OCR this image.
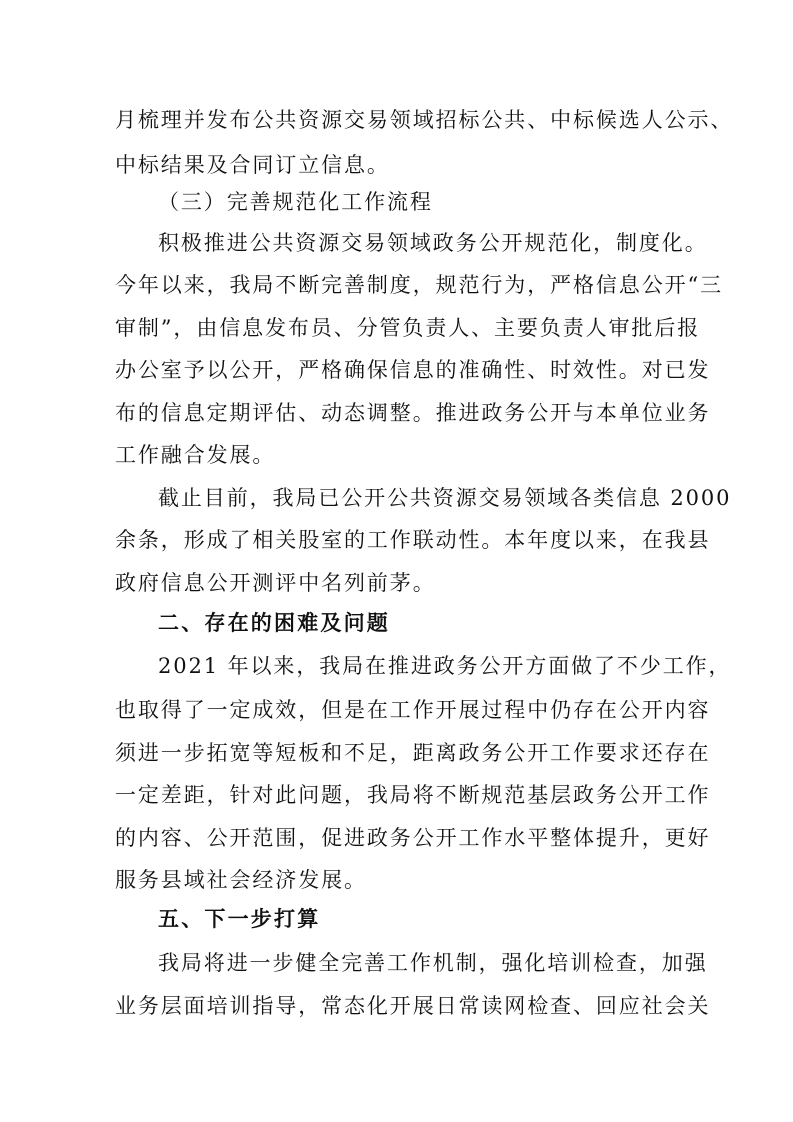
月梳理并发布公共资源交易领域招标公共、中标候选人公示、
中标结果及合同订立信息。
（三）完善规范化工作流程
积极推进公共资源交易领域政务公开规范化，制度化。
今年以来，我局不断完善制度，规范行为，严格信息公开“三
审制”，由信息发布员、分管负责人、主要负责人审批后报
办公室予以公开，严格确保信息的准确性、时效性。对已发
布的信息定期评估、动态调整。推进政务公开与本单位业务
工作融合发展。
截止目前，我局已公开公共资源交易领域各类信息 2000
余条，形成了相关股室的工作联动性。本年度以来，在我县
政府信息公开测评中名列前茅。
二、存在的困难及问题
2021 年以来，我局在推进政务公开方面做了不少工作，
也取得了一定成效，但是在工作开展过程中仍存在公开内容
须进一步拓宽等短板和不足，距离政务公开工作要求还存在
一定差距，针对此问题，我局将不断规范基层政务公开工作
的内容、公开范围，促进政务公开工作水平整体提升，更好
服务县域社会经济发展。
五、下一步打算
我局将进一步健全完善工作机制，强化培训检查，加强
业务层面培训指导，常态化开展日常读网检查、回应社会关
